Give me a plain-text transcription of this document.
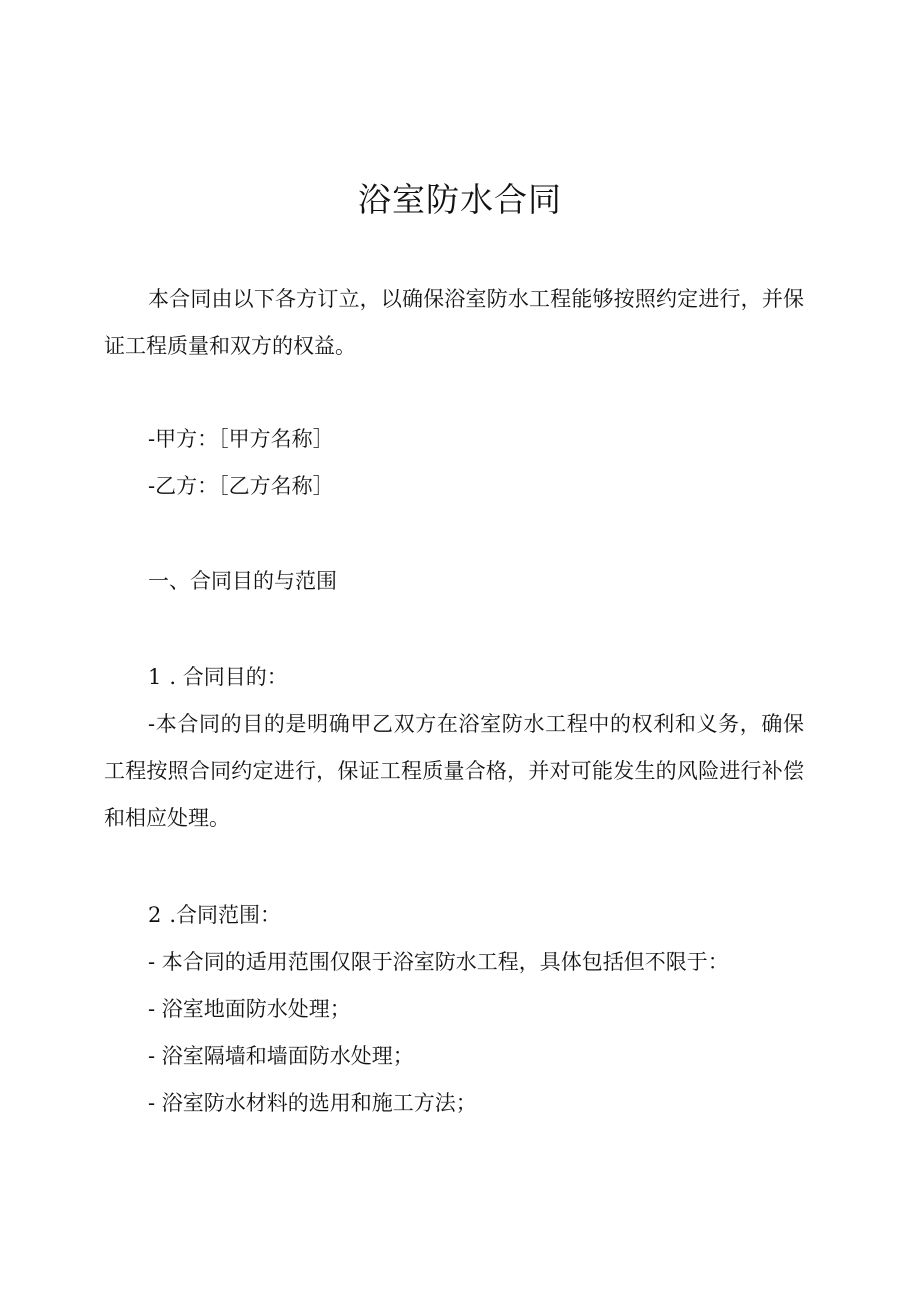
浴室防水合同

本合同由以下各方订立，以确保浴室防水工程能够按照约定进行，并保证工程质量和双方的权益。

-甲方：［甲方名称］

-乙方：［乙方名称］

一、合同目的与范围

1 . 合同目的：

-本合同的目的是明确甲乙双方在浴室防水工程中的权利和义务，确保工程按照合同约定进行，保证工程质量合格，并对可能发生的风险进行补偿和相应处理。

2 .合同范围：

- 本合同的适用范围仅限于浴室防水工程，具体包括但不限于：

- 浴室地面防水处理；

- 浴室隔墙和墙面防水处理；

- 浴室防水材料的选用和施工方法；
